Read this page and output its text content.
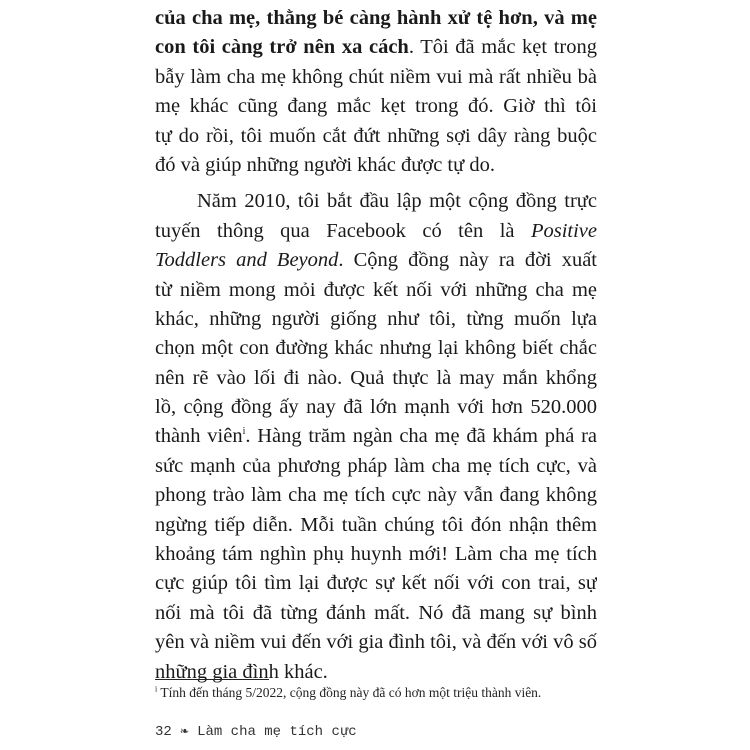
của cha mẹ, thằng bé càng hành xử tệ hơn, và mẹ
con tôi càng trở nên xa cách. Tôi đã mắc kẹt trong
bẫy làm cha mẹ không chút niềm vui mà rất nhiều bà
mẹ khác cũng đang mắc kẹt trong đó. Giờ thì tôi
tự do rồi, tôi muốn cắt đứt những sợi dây ràng buộc
đó và giúp những người khác được tự do.
Năm 2010, tôi bắt đầu lập một cộng đồng trực
tuyến thông qua Facebook có tên là Positive
Toddlers and Beyond. Cộng đồng này ra đời xuất
từ niềm mong mỏi được kết nối với những cha mẹ
khác, những người giống như tôi, từng muốn lựa
chọn một con đường khác nhưng lại không biết chắc
nên rẽ vào lối đi nào. Quả thực là may mắn khổng
lồ, cộng đồng ấy nay đã lớn mạnh với hơn 520.000
thành viên$^i$. Hàng trăm ngàn cha mẹ đã khám phá ra
sức mạnh của phương pháp làm cha mẹ tích cực, và
phong trào làm cha mẹ tích cực này vẫn đang không
ngừng tiếp diễn. Mỗi tuần chúng tôi đón nhận thêm
khoảng tám nghìn phụ huynh mới! Làm cha mẹ tích
cực giúp tôi tìm lại được sự kết nối với con trai, sự
nối mà tôi đã từng đánh mất. Nó đã mang sự bình
yên và niềm vui đến với gia đình tôi, và đến với vô số
những gia đình khác.
$^i$ Tính đến tháng 5/2022, cộng đồng này đã có hơn một triệu thành viên.
32 ❧ Làm cha mẹ tích cực
